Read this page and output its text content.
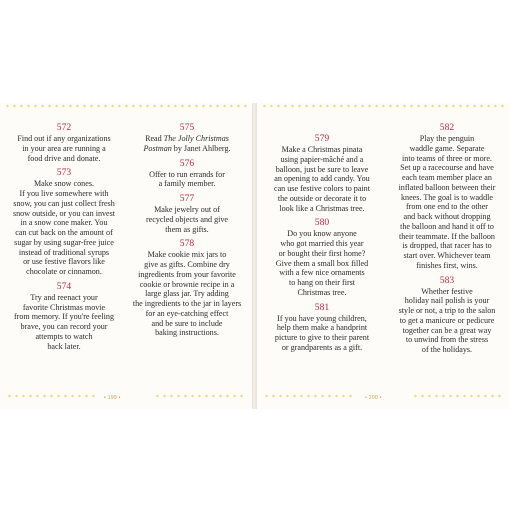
572
Find out if any organizations
in your area are running a
food drive and donate.
573
Make snow cones.
If you live somewhere with
snow, you can just collect fresh
snow outside, or you can invest
in a snow cone maker. You
can cut back on the amount of
sugar by using sugar-free juice
instead of traditional syrups
or use festive flavors like
chocolate or cinnamon.
574
Try and reenact your
favorite Christmas movie
from memory. If you're feeling
brave, you can record your
attempts to watch
back later.
575
Read The Jolly Christmas
Postman by Janet Ahlberg.
576
Offer to run errands for
a family member.
577
Make jewelry out of
recycled objects and give
them as gifts.
578
Make cookie mix jars to
give as gifts. Combine dry
ingredients from your favorite
cookie or brownie recipe in a
large glass jar. Try adding
the ingredients to the jar in layers
for an eye-catching effect
and be sure to include
baking instructions.
• 199 •
579
Make a Christmas pinata
using papier-mâché and a
balloon, just be sure to leave
an opening to add candy. You
can use festive colors to paint
the outside or decorate it to
look like a Christmas tree.
580
Do you know anyone
who got married this year
or bought their first home?
Give them a small box filled
with a few nice ornaments
to hang on their first
Christmas tree.
581
If you have young children,
help them make a handprint
picture to give to their parent
or grandparents as a gift.
582
Play the penguin
waddle game. Separate
into teams of three or more.
Set up a racecourse and have
each team member place an
inflated balloon between their
knees. The goal is to waddle
from one end to the other
and back without dropping
the balloon and hand it off to
their teammate. If the balloon
is dropped, that racer has to
start over. Whichever team
finishes first, wins.
583
Whether festive
holiday nail polish is your
style or not, a trip to the salon
to get a manicure or pedicure
together can be a great way
to unwind from the stress
of the holidays.
• 200 •
